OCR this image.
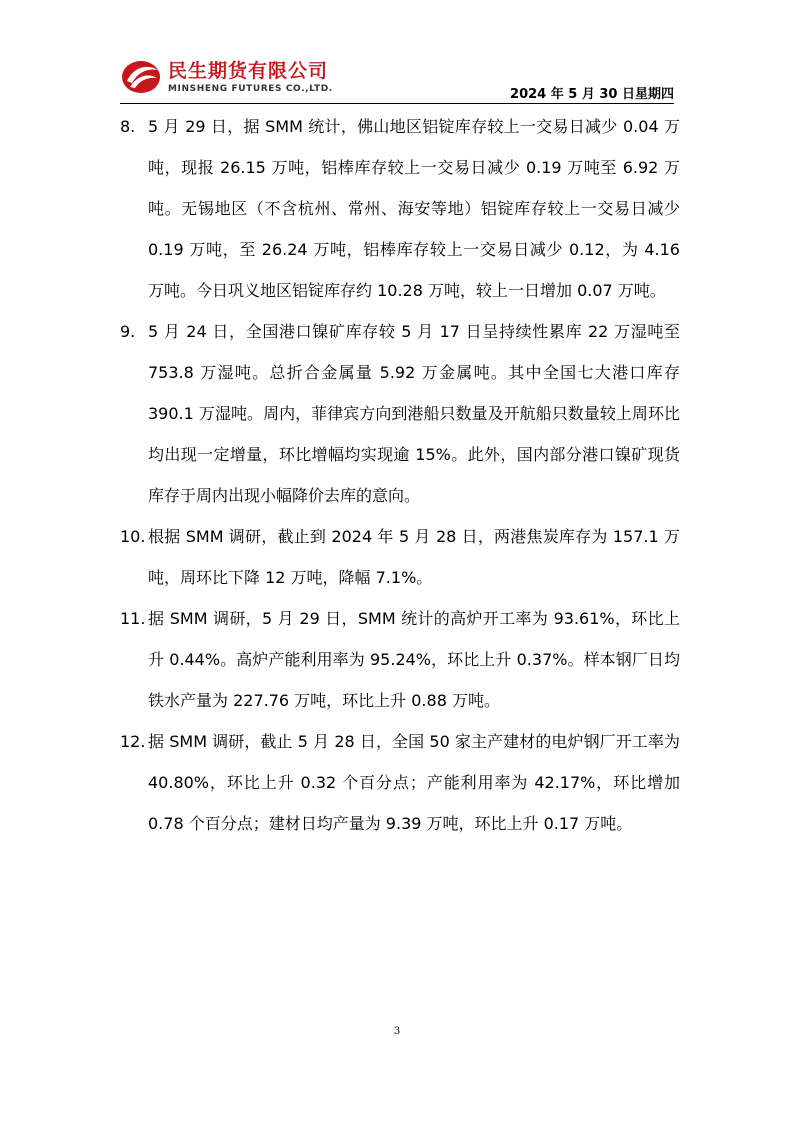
民生期货有限公司
MINSHENG FUTURES CO.,LTD.	2024 年 5 月 30 日星期四
8. 5 月 29 日，据 SMM 统计，佛山地区铝锭库存较上一交易日减少 0.04 万吨，现报 26.15 万吨，铝棒库存较上一交易日减少 0.19 万吨至 6.92 万吨。无锡地区（不含杭州、常州、海安等地）铝锭库存较上一交易日减少 0.19 万吨，至 26.24 万吨，铝棒库存较上一交易日减少 0.12，为 4.16 万吨。今日巩义地区铝锭库存约 10.28 万吨，较上一日增加 0.07 万吨。
9. 5 月 24 日，全国港口镍矿库存较 5 月 17 日呈持续性累库 22 万湿吨至 753.8 万湿吨。总折合金属量 5.92 万金属吨。其中全国七大港口库存 390.1 万湿吨。周内，菲律宾方向到港船只数量及开航船只数量较上周环比均出现一定增量，环比增幅均实现逾 15%。此外，国内部分港口镍矿现货库存于周内出现小幅降价去库的意向。
10. 根据 SMM 调研，截止到 2024 年 5 月 28 日，两港焦炭库存为 157.1 万吨，周环比下降 12 万吨，降幅 7.1%。
11. 据 SMM 调研，5 月 29 日，SMM 统计的高炉开工率为 93.61%，环比上升 0.44%。高炉产能利用率为 95.24%，环比上升 0.37%。样本钢厂日均铁水产量为 227.76 万吨，环比上升 0.88 万吨。
12. 据 SMM 调研，截止 5 月 28 日，全国 50 家主产建材的电炉钢厂开工率为 40.80%，环比上升 0.32 个百分点；产能利用率为 42.17%，环比增加 0.78 个百分点；建材日均产量为 9.39 万吨，环比上升 0.17 万吨。
3
